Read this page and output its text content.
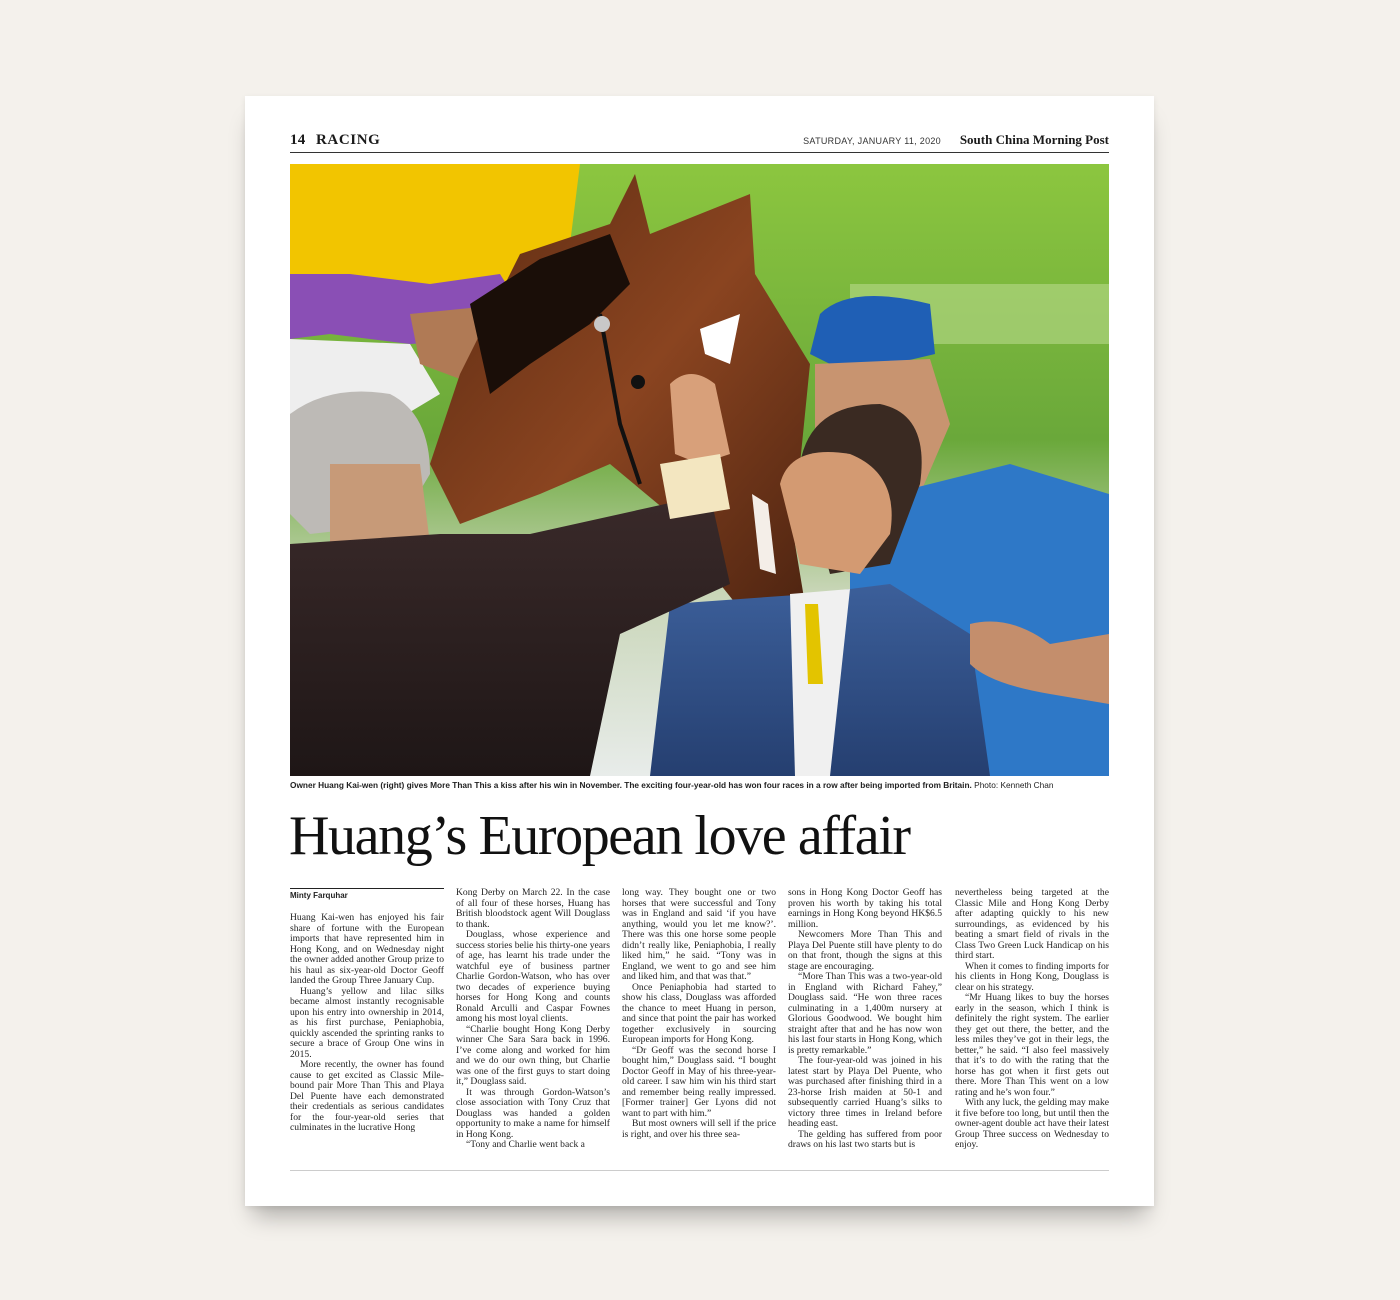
14 RACING	SATURDAY, JANUARY 11, 2020 South China Morning Post
Owner Huang Kai-wen (right) gives More Than This a kiss after his win in November. The exciting four-year-old has won four races in a row after being imported from Britain. Photo: Kenneth Chan
Huang’s European love affair
Minty Farquhar

Huang Kai-wen has enjoyed his fair share of fortune with the European imports that have represented him in Hong Kong, and on Wednesday night the owner added another Group prize to his haul as six-year-old Doctor Geoff landed the Group Three January Cup.

Huang’s yellow and lilac silks became almost instantly recognisable upon his entry into ownership in 2014, as his first purchase, Peniaphobia, quickly ascended the sprinting ranks to secure a brace of Group One wins in 2015.

More recently, the owner has found cause to get excited as Classic Mile-bound pair More Than This and Playa Del Puente have each demonstrated their credentials as serious candidates for the four-year-old series that culminates in the lucrative Hong

Kong Derby on March 22. In the case of all four of these horses, Huang has British bloodstock agent Will Douglass to thank.

Douglass, whose experience and success stories belie his thirty-one years of age, has learnt his trade under the watchful eye of business partner Charlie Gordon-Watson, who has over two decades of experience buying horses for Hong Kong and counts Ronald Arculli and Caspar Fownes among his most loyal clients.

“Charlie bought Hong Kong Derby winner Che Sara Sara back in 1996. I’ve come along and worked for him and we do our own thing, but Charlie was one of the first guys to start doing it,” Douglass said.

It was through Gordon-Watson’s close association with Tony Cruz that Douglass was handed a golden opportunity to make a name for himself in Hong Kong.

“Tony and Charlie went back a

long way. They bought one or two horses that were successful and Tony was in England and said ‘if you have anything, would you let me know?’. There was this one horse some people didn’t really like, Peniaphobia, I really liked him,” he said. “Tony was in England, we went to go and see him and liked him, and that was that.”

Once Peniaphobia had started to show his class, Douglass was afforded the chance to meet Huang in person, and since that point the pair has worked together exclusively in sourcing European imports for Hong Kong.

“Dr Geoff was the second horse I bought him,” Douglass said. “I bought Doctor Geoff in May of his three-year-old career. I saw him win his third start and remember being really impressed. [Former trainer] Ger Lyons did not want to part with him.”

But most owners will sell if the price is right, and over his three sea-

sons in Hong Kong Doctor Geoff has proven his worth by taking his total earnings in Hong Kong beyond HK$6.5 million.

Newcomers More Than This and Playa Del Puente still have plenty to do on that front, though the signs at this stage are encouraging.

“More Than This was a two-year-old in England with Richard Fahey,” Douglass said. “He won three races culminating in a 1,400m nursery at Glorious Goodwood. We bought him straight after that and he has now won his last four starts in Hong Kong, which is pretty remarkable.”

The four-year-old was joined in his latest start by Playa Del Puente, who was purchased after finishing third in a 23-horse Irish maiden at 50-1 and subsequently carried Huang’s silks to victory three times in Ireland before heading east.

The gelding has suffered from poor draws on his last two starts but is

nevertheless being targeted at the Classic Mile and Hong Kong Derby after adapting quickly to his new surroundings, as evidenced by his beating a smart field of rivals in the Class Two Green Luck Handicap on his third start.

When it comes to finding imports for his clients in Hong Kong, Douglass is clear on his strategy.

“Mr Huang likes to buy the horses early in the season, which I think is definitely the right system. The earlier they get out there, the better, and the less miles they’ve got in their legs, the better,” he said. “I also feel massively that it’s to do with the rating that the horse has got when it first gets out there. More Than This went on a low rating and he’s won four.”

With any luck, the gelding may make it five before too long, but until then the owner-agent double act have their latest Group Three success on Wednesday to enjoy.
